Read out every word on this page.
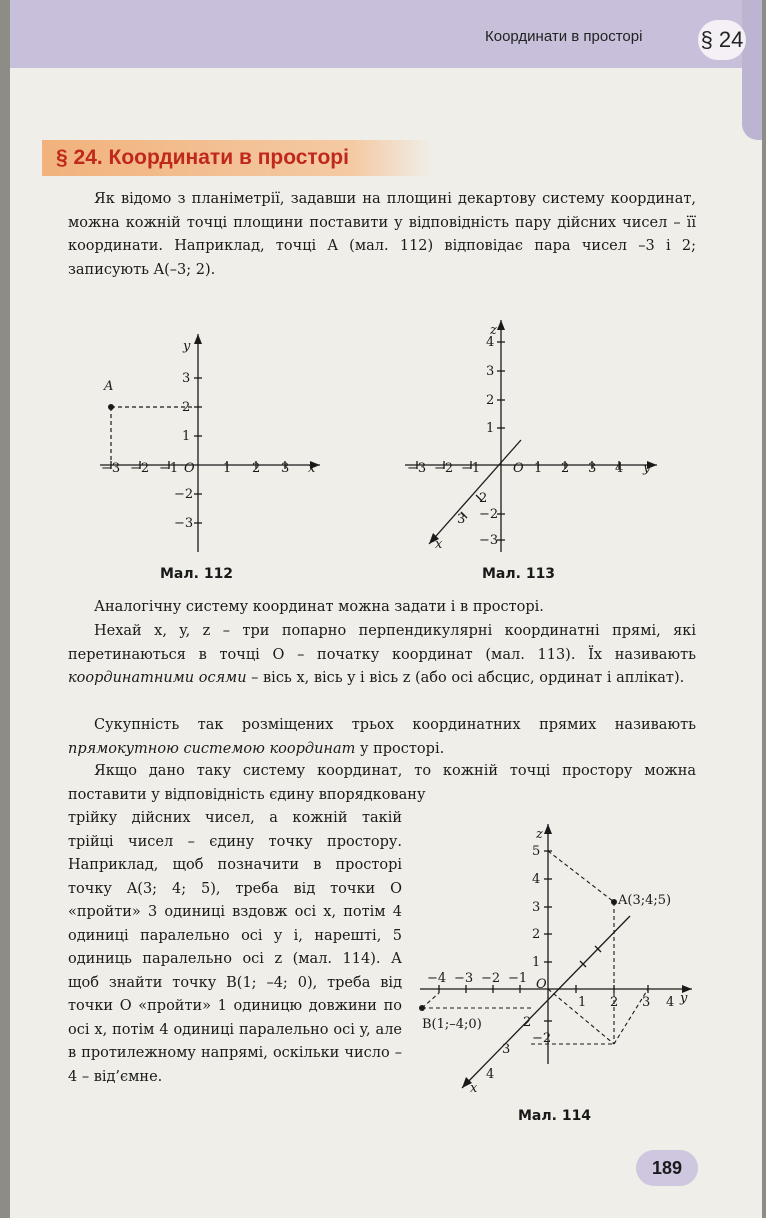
Координати в просторі	§ 24
§ 24. Координати в просторі
Як відомо з планіметрії, задавши на площині декартову систему координат, можна кожній точці площини поставити у відповідність пару дійсних чисел – її координати. Наприклад, точці A (мал. 112) відповідає пара чисел –3 і 2; записують A(–3; 2).
A
y
x
O
−3 −2 −1	1 2 3
3
2
1
−2
−3
Мал. 112
z
y
x
O
−3 −2 −1	1 2 3 4
4
3
2
1
−2
−3
2
3
Мал. 113
Аналогічну систему координат можна задати і в просторі.
Нехай x, y, z – три попарно перпендикулярні координатні прямі, які перетинаються в точці O – початку координат (мал. 113). Їх називають координатними осями – вісь x, вісь y і вісь z (або осі абсцис, ординат і аплікат).
Сукупність так розміщених трьох координатних прямих називають прямокутною системою координат у просторі.
Якщо дано таку систему координат, то кожній точці простору можна поставити у відповідність єдину впорядковану
трійку дійсних чисел, а кожній такій трійці чисел – єдину точку простору. Наприклад, щоб позначити в просторі точку A(3; 4; 5), треба від точки O «пройти» 3 одиниці вздовж осі x, потім 4 одиниці паралельно осі y і, нарешті, 5 одиниць паралельно осі z (мал. 114). А щоб знайти точку B(1; –4; 0), треба від точки O «пройти» 1 одиницю довжини по осі x, потім 4 одиниці паралельно осі y, але в протилежному напрямі, оскільки число –4 – від’ємне.
A(3;4;5)
B(1;–4;0)
z
y
x
O
−4 −3 −2 −1
1 2 3 4
5
4
3
2
1
2
3
4
−2
Мал. 114
189
